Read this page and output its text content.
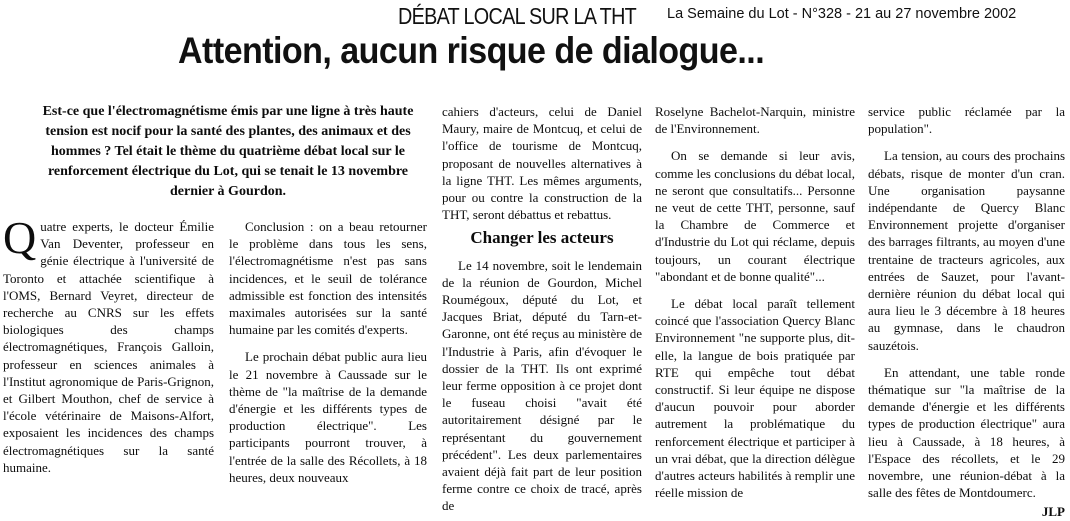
DÉBAT LOCAL SUR LA THT La Semaine du Lot - N°328 - 21 au 27 novembre 2002
Attention, aucun risque de dialogue...
Est-ce que l'électromagnétisme émis par une ligne à très haute tension est nocif pour la santé des plantes, des animaux et des hommes ? Tel était le thème du quatrième débat local sur le renforcement électrique du Lot, qui se tenait le 13 novembre dernier à Gourdon.

Quatre experts, le docteur Émilie Van Deventer, professeur en génie électrique à l'université de Toronto et attachée scientifique à l'OMS, Bernard Veyret, directeur de recherche au CNRS sur les effets biologiques des champs électromagnétiques, François Galloin, professeur en sciences animales à l'Institut agronomique de Paris-Grignon, et Gilbert Mouthon, chef de service à l'école vétérinaire de Maisons-Alfort, exposaient les incidences des champs électromagnétiques sur la santé humaine.

Conclusion : on a beau retourner le problème dans tous les sens, l'électromagnétisme n'est pas sans incidences, et le seuil de tolérance admissible est fonction des intensités maximales autorisées sur la santé humaine par les comités d'experts.

Le prochain débat public aura lieu le 21 novembre à Caussade sur le thème de "la maîtrise de la demande d'énergie et les différents types de production électrique". Les participants pourront trouver, à l'entrée de la salle des Récollets, à 18 heures, deux nouveaux

cahiers d'acteurs, celui de Daniel Maury, maire de Montcuq, et celui de l'office de tourisme de Montcuq, proposant de nouvelles alternatives à la ligne THT. Les mêmes arguments, pour ou contre la construction de la THT, seront débattus et rebattus.

Changer les acteurs

Le 14 novembre, soit le lendemain de la réunion de Gourdon, Michel Roumégoux, député du Lot, et Jacques Briat, député du Tarn-et-Garonne, ont été reçus au ministère de l'Industrie à Paris, afin d'évoquer le dossier de la THT. Ils ont exprimé leur ferme opposition à ce projet dont le fuseau choisi "avait été autoritairement désigné par le représentant du gouvernement précédent". Les deux parlementaires avaient déjà fait part de leur position ferme contre ce choix de tracé, après de

Roselyne Bachelot-Narquin, ministre de l'Environnement.

On se demande si leur avis, comme les conclusions du débat local, ne seront que consultatifs... Personne ne veut de cette THT, personne, sauf la Chambre de Commerce et d'Industrie du Lot qui réclame, depuis toujours, un courant électrique "abondant et de bonne qualité"...

Le débat local paraît tellement coincé que l'association Quercy Blanc Environnement "ne supporte plus, dit-elle, la langue de bois pratiquée par RTE qui empêche tout débat constructif. Si leur équipe ne dispose d'aucun pouvoir pour aborder autrement la problématique du renforcement électrique et participer à un vrai débat, que la direction délègue d'autres acteurs habilités à remplir une réelle mission de

service public réclamée par la population".

La tension, au cours des prochains débats, risque de monter d'un cran. Une organisation paysanne indépendante de Quercy Blanc Environnement projette d'organiser des barrages filtrants, au moyen d'une trentaine de tracteurs agricoles, aux entrées de Sauzet, pour l'avant-dernière réunion du débat local qui aura lieu le 3 décembre à 18 heures au gymnase, dans le chaudron sauzétois.

En attendant, une table ronde thématique sur "la maîtrise de la demande d'énergie et les différents types de production électrique" aura lieu à Caussade, à 18 heures, à l'Espace des récollets, et le 29 novembre, une réunion-débat à la salle des fêtes de Montdoumerc.

JLP
